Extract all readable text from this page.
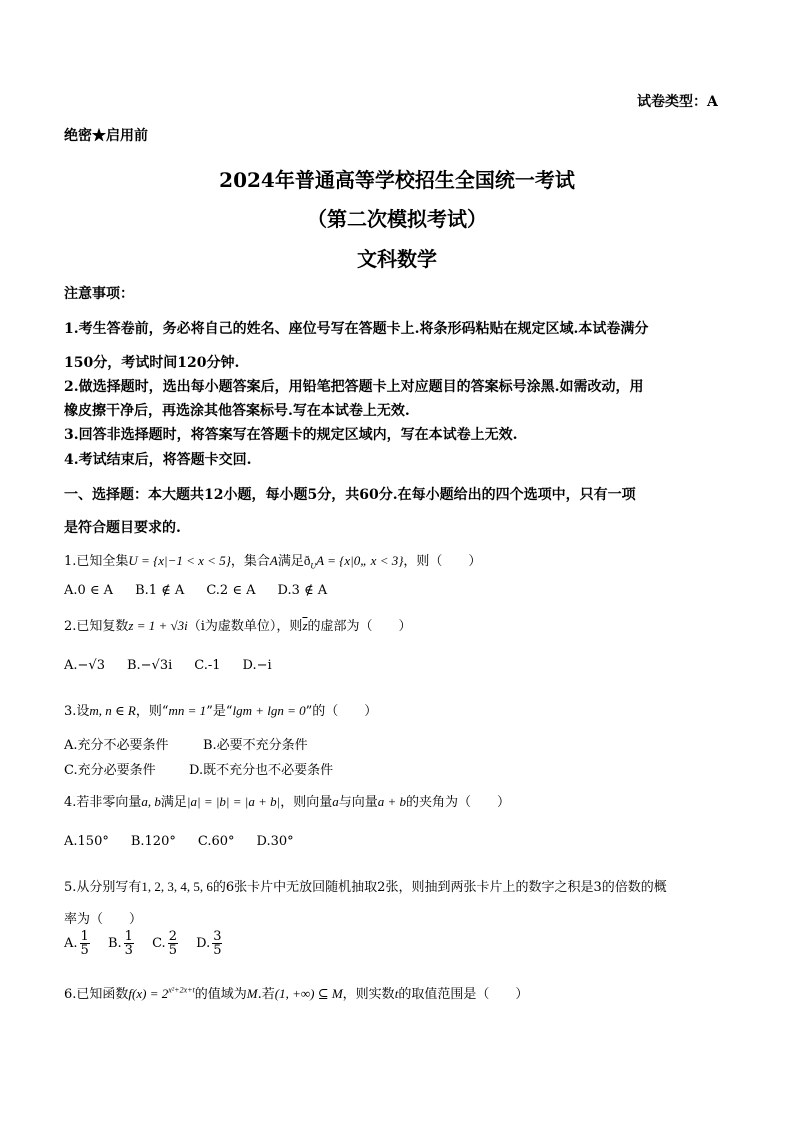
试卷类型：A
绝密★启用前
2024年普通高等学校招生全国统一考试
（第二次模拟考试）
文科数学
注意事项：
1.考生答卷前，务必将自己的姓名、座位号写在答题卡上.将条形码粘贴在规定区域.本试卷满分
150分，考试时间120分钟.
2.做选择题时，选出每小题答案后，用铅笔把答题卡上对应题目的答案标号涂黑.如需改动，用
橡皮擦干净后，再选涂其他答案标号.写在本试卷上无效.
3.回答非选择题时，将答案写在答题卡的规定区域内，写在本试卷上无效.
4.考试结束后，将答题卡交回.
一、选择题：本大题共12小题，每小题5分，共60分.在每小题给出的四个选项中，只有一项
是符合题目要求的.
1.已知全集U = {x|−1 < x < 5}，集合A满足$ð_UA$ = {x|0„ x < 3}，则（　　）
A.0 ∈ A B.1 ∉ A C.2 ∈ A D.3 ∉ A
2.已知复数z = 1 + √3i（i为虚数单位），则$\overline{z}$的虚部为（　　）
A.−√3 B.−√3i C.-1 D.−i
3.设m, n ∈ R，则“mn = 1”是“lgm + lgn = 0”的（　　）
A.充分不必要条件	B.必要不充分条件
C.充分必要条件	D.既不充分也不必要条件
4.若非零向量a, b满足|a| = |b| = |a + b|，则向量a与向量a + b的夹角为（　　）
A.150° B.120° C.60° D.30°
5.从分别写有1, 2, 3, 4, 5, 6的6张卡片中无放回随机抽取2张，则抽到两张卡片上的数字之积是3的倍数的概
率为（　　）
A. $\frac{1}{5} B$. $\frac{1}{3} C$. $\frac{2}{5} D$. $\frac{3}{5}$
6.已知函数$f(x) = 2^{x^2+2x+t}$的值域为M.若(1, +∞) ⊆ M，则实数t的取值范围是（　　）
